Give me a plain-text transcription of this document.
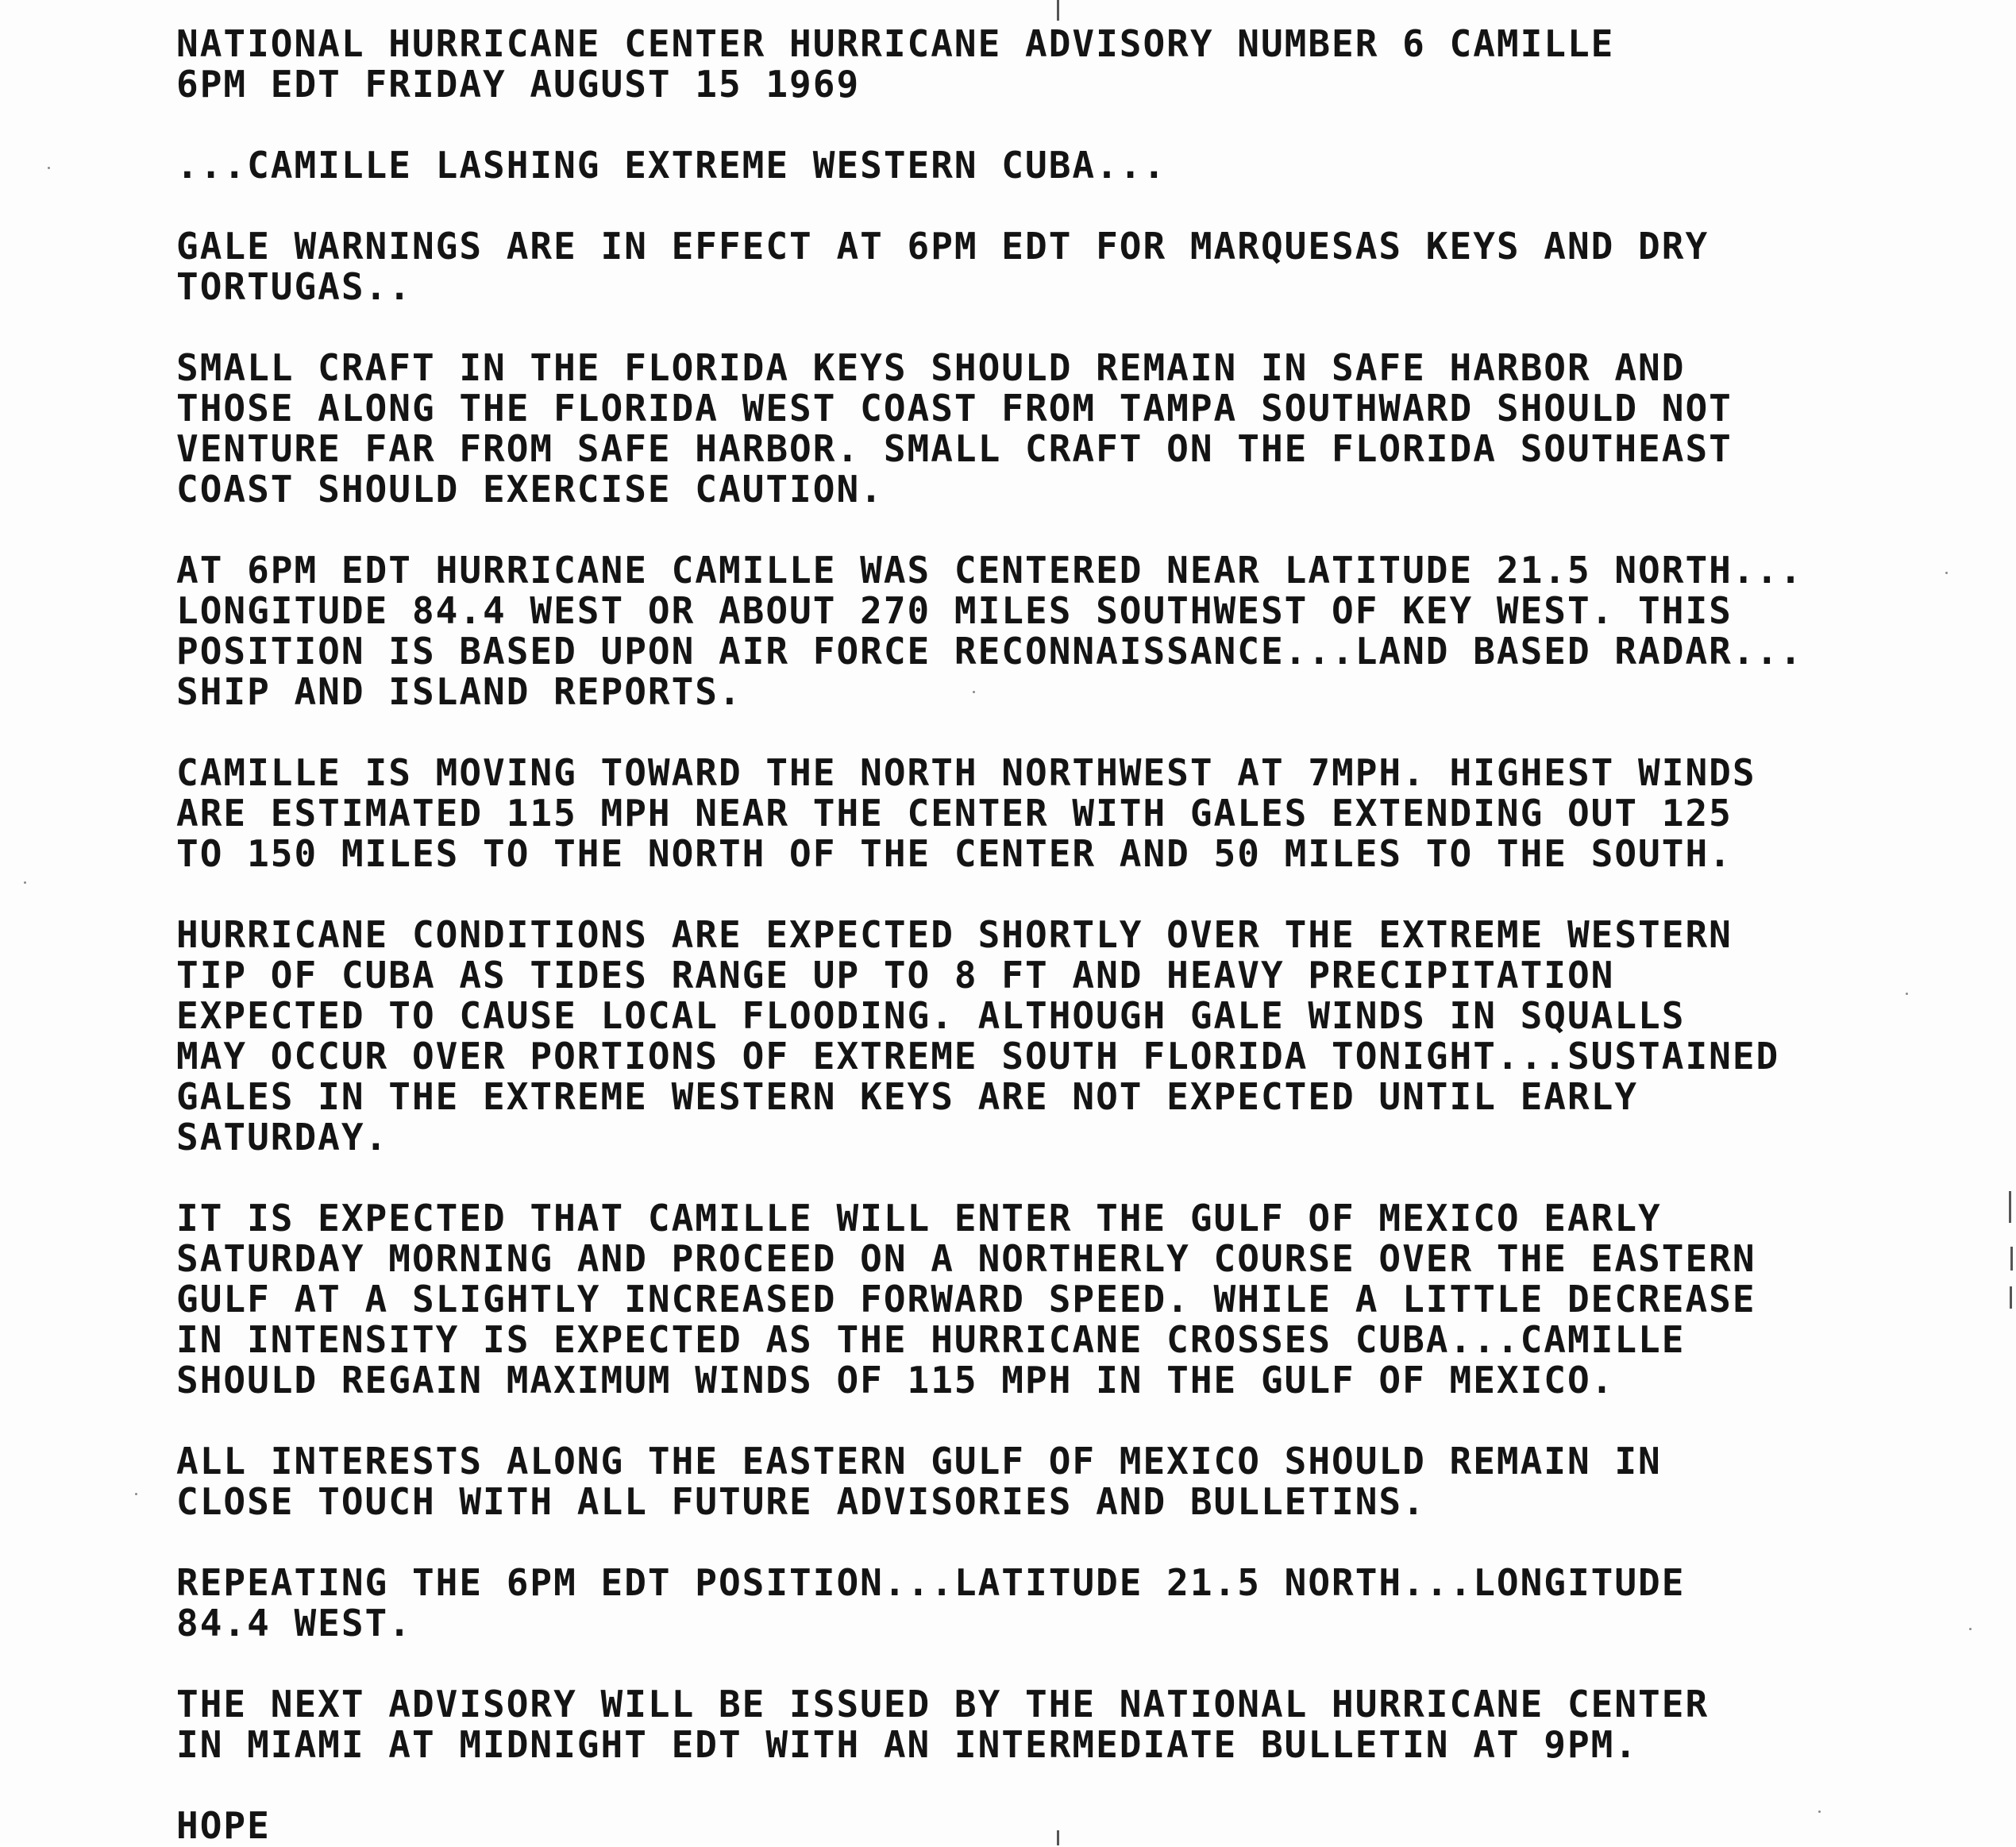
NATIONAL HURRICANE CENTER HURRICANE ADVISORY NUMBER 6 CAMILLE
6PM EDT FRIDAY AUGUST 15 1969
...CAMILLE LASHING EXTREME WESTERN CUBA...
GALE WARNINGS ARE IN EFFECT AT 6PM EDT FOR MARQUESAS KEYS AND DRY
TORTUGAS..
SMALL CRAFT IN THE FLORIDA KEYS SHOULD REMAIN IN SAFE HARBOR AND
THOSE ALONG THE FLORIDA WEST COAST FROM TAMPA SOUTHWARD SHOULD NOT
VENTURE FAR FROM SAFE HARBOR. SMALL CRAFT ON THE FLORIDA SOUTHEAST
COAST SHOULD EXERCISE CAUTION.
AT 6PM EDT HURRICANE CAMILLE WAS CENTERED NEAR LATITUDE 21.5 NORTH...
LONGITUDE 84.4 WEST OR ABOUT 270 MILES SOUTHWEST OF KEY WEST. THIS
POSITION IS BASED UPON AIR FORCE RECONNAISSANCE...LAND BASED RADAR...
SHIP AND ISLAND REPORTS.
CAMILLE IS MOVING TOWARD THE NORTH NORTHWEST AT 7MPH. HIGHEST WINDS
ARE ESTIMATED 115 MPH NEAR THE CENTER WITH GALES EXTENDING OUT 125
TO 150 MILES TO THE NORTH OF THE CENTER AND 50 MILES TO THE SOUTH.
HURRICANE CONDITIONS ARE EXPECTED SHORTLY OVER THE EXTREME WESTERN
TIP OF CUBA AS TIDES RANGE UP TO 8 FT AND HEAVY PRECIPITATION
EXPECTED TO CAUSE LOCAL FLOODING. ALTHOUGH GALE WINDS IN SQUALLS
MAY OCCUR OVER PORTIONS OF EXTREME SOUTH FLORIDA TONIGHT...SUSTAINED
GALES IN THE EXTREME WESTERN KEYS ARE NOT EXPECTED UNTIL EARLY
SATURDAY.
IT IS EXPECTED THAT CAMILLE WILL ENTER THE GULF OF MEXICO EARLY
SATURDAY MORNING AND PROCEED ON A NORTHERLY COURSE OVER THE EASTERN
GULF AT A SLIGHTLY INCREASED FORWARD SPEED. WHILE A LITTLE DECREASE
IN INTENSITY IS EXPECTED AS THE HURRICANE CROSSES CUBA...CAMILLE
SHOULD REGAIN MAXIMUM WINDS OF 115 MPH IN THE GULF OF MEXICO.
ALL INTERESTS ALONG THE EASTERN GULF OF MEXICO SHOULD REMAIN IN
CLOSE TOUCH WITH ALL FUTURE ADVISORIES AND BULLETINS.
REPEATING THE 6PM EDT POSITION...LATITUDE 21.5 NORTH...LONGITUDE
84.4 WEST.
THE NEXT ADVISORY WILL BE ISSUED BY THE NATIONAL HURRICANE CENTER
IN MIAMI AT MIDNIGHT EDT WITH AN INTERMEDIATE BULLETIN AT 9PM.
HOPE
